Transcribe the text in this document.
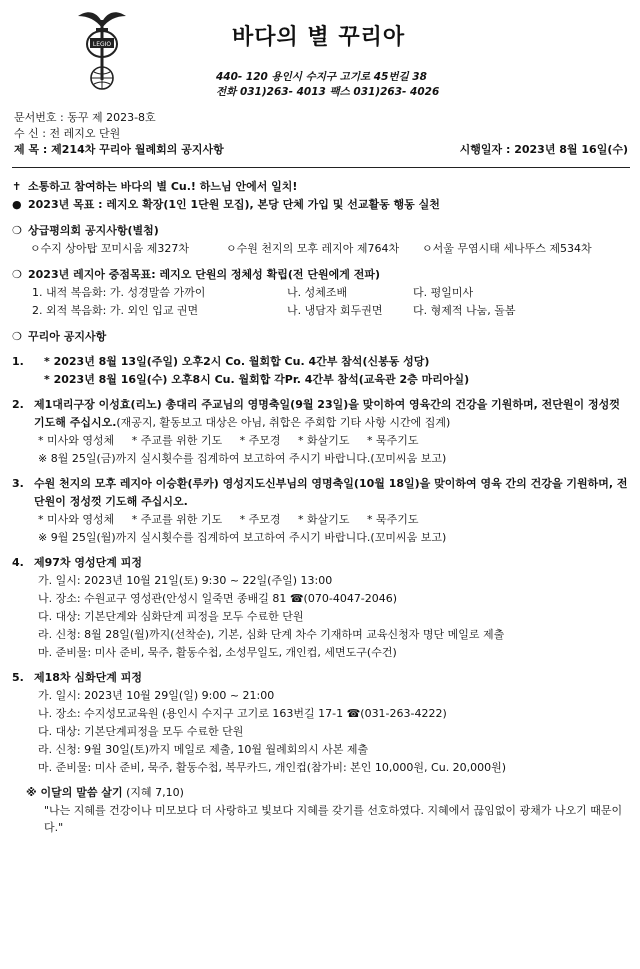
LEGIO	바다의 별 꾸리아
440- 120 용인시 수지구 고기로 45번길 38
전화 031)263- 4013 팩스 031)263- 4026
문서번호 : 동꾸 제 2023-8호
수 신 : 전 레지오 단원
제 목 : 제214차 꾸리아 월례회의 공지사항	시행일자 : 2023년 8월 16일(수)
✝ 소통하고 참여하는 바다의 별 Cu.! 하느님 안에서 일치!
● 2023년 목표 : 레지오 확장(1인 1단원 모집), 본당 단체 가입 및 선교활동 행동 실천
❍ 상급평의회 공지사항(별첨)
ㅇ수지 상아탑 꼬미시움 제327차	ㅇ수원 천지의 모후 레지아 제764차	ㅇ서울 무염시태 세나뚜스 제534차
❍ 2023년 레지아 중점목표: 레지오 단원의 정체성 확립(전 단원에게 전파)
1. 내적 복음화: 가. 성경말씀 가까이	나. 성체조배	다. 평일미사
2. 외적 복음화: 가. 외인 입교 권면	나. 냉담자 회두권면	다. 형제적 나눔, 돌봄
❍ 꾸리아 공지사항
1.	* 2023년 8월 13일(주일) 오후2시 Co. 월회합 Cu. 4간부 참석(신봉동 성당)
* 2023년 8월 16일(수) 오후8시 Cu. 월회합 각Pr. 4간부 참석(교육관 2층 마리아실)
2. 제1대리구장 이성효(리노) 총대리 주교님의 영명축일(9월 23일)을 맞이하여 영육간의 건강을 기원하며, 전단원이 정성껏 기도해 주십시오.(재공지, 활동보고 대상은 아님, 취합은 주회합 기타 사항 시간에 집계)
* 미사와 영성체 * 주교를 위한 기도 * 주모경 * 화살기도 * 묵주기도
※ 8월 25일(금)까지 실시횟수를 집계하여 보고하여 주시기 바랍니다.(꼬미씨움 보고)
3. 수원 천지의 모후 레지아 이승환(루카) 영성지도신부님의 영명축일(10월 18일)을 맞이하여 영육 간의 건강을 기원하며, 전단원이 정성껏 기도해 주십시오.
* 미사와 영성체 * 주교를 위한 기도 * 주모경 * 화살기도 * 묵주기도
※ 9월 25일(월)까지 실시횟수를 집계하여 보고하여 주시기 바랍니다.(꼬미씨움 보고)
4. 제97차 영성단계 피정
가. 일시: 2023년 10월 21일(토) 9:30 ~ 22일(주일) 13:00
나. 장소: 수원교구 영성관(안성시 일죽면 종배길 81 ☎(070-4047-2046)
다. 대상: 기본단계와 심화단계 피정을 모두 수료한 단원
라. 신청: 8월 28일(월)까지(선착순), 기본, 심화 단계 차수 기재하며 교육신청자 명단 메일로 제출
마. 준비물: 미사 준비, 묵주, 활동수첩, 소성무일도, 개인컵, 세면도구(수건)
5. 제18차 심화단계 피정
가. 일시: 2023년 10월 29일(일) 9:00 ~ 21:00
나. 장소: 수지성모교육원 (용인시 수지구 고기로 163번길 17-1 ☎(031-263-4222)
다. 대상: 기본단계피정을 모두 수료한 단원
라. 신청: 9월 30일(토)까지 메일로 제출, 10월 월례회의시 사본 제출
마. 준비물: 미사 준비, 묵주, 활동수첩, 복무카드, 개인컵(참가비: 본인 10,000원, Cu. 20,000원)
※ 이달의 말씀 살기 (지혜 7,10)
"나는 지혜를 건강이나 미모보다 더 사랑하고 빛보다 지혜를 갖기를 선호하였다. 지혜에서 끊임없이 광채가 나오기 때문이다."
